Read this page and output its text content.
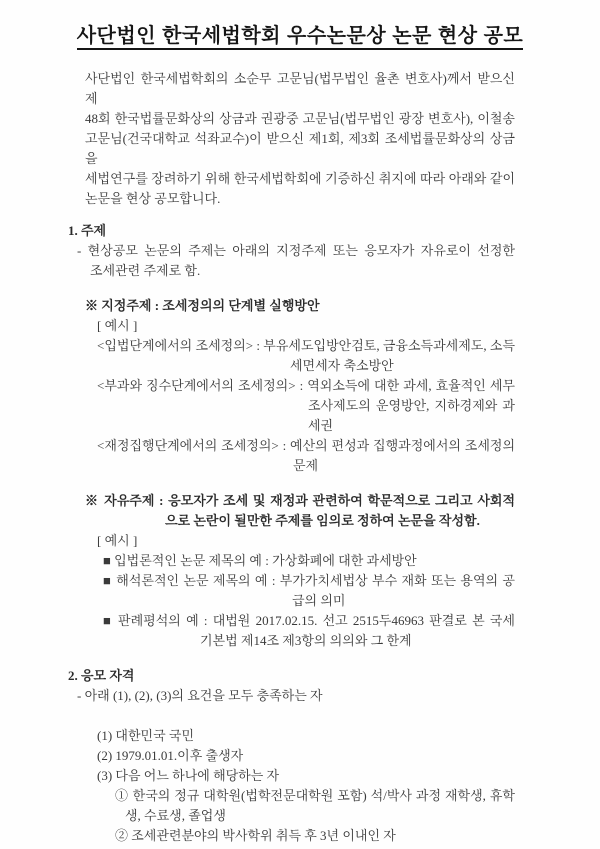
사단법인 한국세법학회 우수논문상 논문 현상 공모
사단법인 한국세법학회의 소순무 고문님(법무법인 율촌 변호사)께서 받으신 제
48회 한국법률문화상의 상금과 권광중 고문님(법무법인 광장 변호사), 이철송
고문님(건국대학교 석좌교수)이 받으신 제1회, 제3회 조세법률문화상의 상금을
세법연구를 장려하기 위해 한국세법학회에 기증하신 취지에 따라 아래와 같이
논문을 현상 공모합니다.
1. 주제
- 현상공모 논문의 주제는 아래의 지정주제 또는 응모자가 자유로이 선정한
조세관련 주제로 함.
※ 지정주제 : 조세정의의 단계별 실행방안
[ 예시 ]
<입법단계에서의 조세정의> : 부유세도입방안검토, 금융소득과세제도, 소득
세면세자 축소방안
<부과와 징수단계에서의 조세정의> : 역외소득에 대한 과세, 효율적인 세무
조사제도의 운영방안, 지하경제와 과
세권
<재정집행단계에서의 조세정의> : 예산의 편성과 집행과정에서의 조세정의
문제
※ 자유주제 : 응모자가 조세 및 재정과 관련하여 학문적으로 그리고 사회적
으로 논란이 될만한 주제를 임의로 정하여 논문을 작성함.
[ 예시 ]
■ 입법론적인 논문 제목의 예 : 가상화폐에 대한 과세방안
■ 해석론적인 논문 제목의 예 : 부가가치세법상 부수 재화 또는 용역의 공
급의 의미
■ 판례평석의 예 : 대법원 2017.02.15. 선고 2515두46963 판결로 본 국세
기본법 제14조 제3항의 의의와 그 한계
2. 응모 자격
- 아래 (1), (2), (3)의 요건을 모두 충족하는 자
(1) 대한민국 국민
(2) 1979.01.01.이후 출생자
(3) 다음 어느 하나에 해당하는 자
① 한국의 정규 대학원(법학전문대학원 포함) 석/박사 과정 재학생, 휴학
생, 수료생, 졸업생
② 조세관련분야의 박사학위 취득 후 3년 이내인 자
